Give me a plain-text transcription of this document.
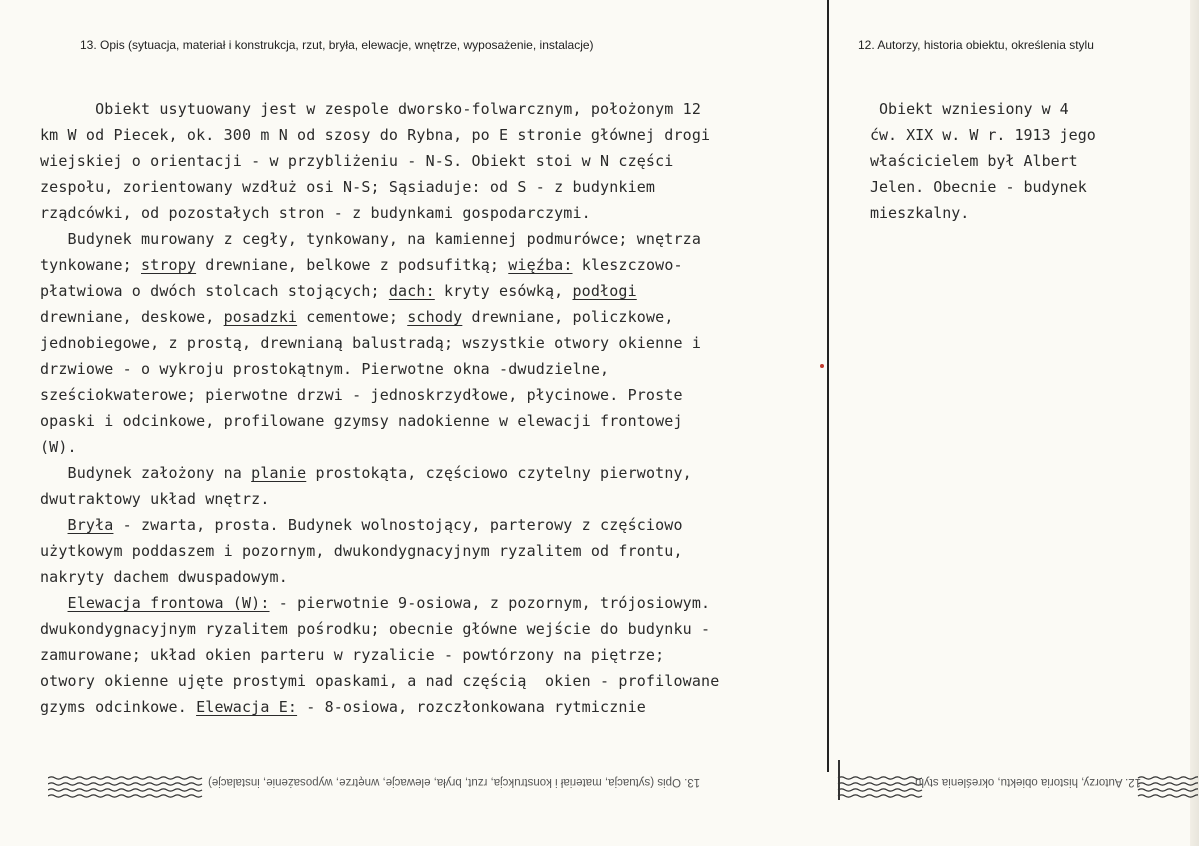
13. Opis (sytuacja, materiał i konstrukcja, rzut, bryła, elewacje, wnętrze, wyposażenie, instalacje)	12. Autorzy, historia obiektu, określenia stylu
Obiekt usytuowany jest w zespole dworsko-folwarcznym, położonym 12
km W od Piecek, ok. 300 m N od szosy do Rybna, po E stronie głównej drogi
wiejskiej o orientacji - w przybliżeniu - N-S. Obiekt stoi w N części
zespołu, zorientowany wzdłuż osi N-S; Sąsiaduje: od S - z budynkiem
rządcówki, od pozostałych stron - z budynkami gospodarczymi.
Budynek murowany z cegły, tynkowany, na kamiennej podmurówce; wnętrza
tynkowane; stropy drewniane, belkowe z podsufitką; więźba: kleszczowo-
płatwiowa o dwóch stolcach stojących; dach: kryty esówką, podłogi
drewniane, deskowe, posadzki cementowe; schody drewniane, policzkowe,
jednobiegowe, z prostą, drewnianą balustradą; wszystkie otwory okienne i
drzwiowe - o wykroju prostokątnym. Pierwotne okna -dwudzielne,
sześciokwaterowe; pierwotne drzwi - jednoskrzydłowe, płycinowe. Proste
opaski i odcinkowe, profilowane gzymsy nadokienne w elewacji frontowej
(W).
Budynek założony na planie prostokąta, częściowo czytelny pierwotny,
dwutraktowy układ wnętrz.
Bryła - zwarta, prosta. Budynek wolnostojący, parterowy z częściowo
użytkowym poddaszem i pozornym, dwukondygnacyjnym ryzalitem od frontu,
nakryty dachem dwuspadowym.
Elewacja frontowa (W): - pierwotnie 9-osiowa, z pozornym, trójosiowym.
dwukondygnacyjnym ryzalitem pośrodku; obecnie główne wejście do budynku -
zamurowane; układ okien parteru w ryzalicie - powtórzony na piętrze;
otwory okienne ujęte prostymi opaskami, a nad częścią  okien - profilowane
gzyms odcinkowe. Elewacja E: - 8-osiowa, rozczłonkowana rytmicznie
Obiekt wzniesiony w 4
ćw. XIX w. W r. 1913 jego
właścicielem był Albert
Jelen. Obecnie - budynek
mieszkalny.
13. Opis (sytuacja, materiał i konstrukcja, rzut, bryła, elewacje, wnętrze, wyposażenie, instalacje)	12. Autorzy, historia obiektu, określenia stylu
